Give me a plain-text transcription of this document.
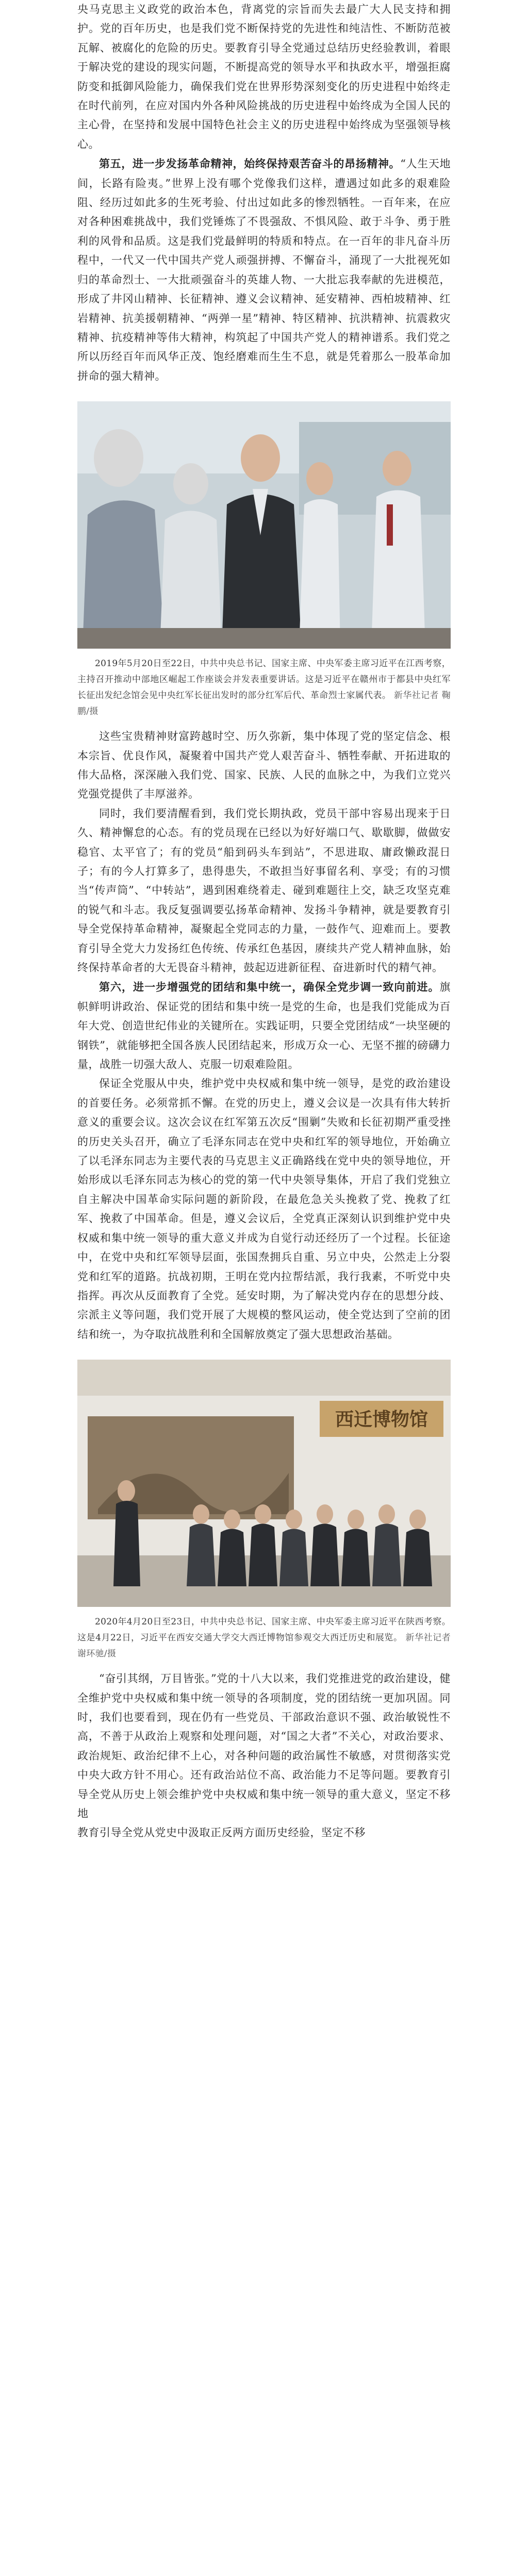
央马克思主义政党的政治本色，背离党的宗旨而失去最广大人民支持和拥护。党的百年历史，也是我们党不断保持党的先进性和纯洁性、不断防范被瓦解、被腐化的危险的历史。要教育引导全党通过总结历史经验教训，着眼于解决党的建设的现实问题，不断提高党的领导水平和执政水平，增强拒腐防变和抵御风险能力，确保我们党在世界形势深刻变化的历史进程中始终走在时代前列，在应对国内外各种风险挑战的历史进程中始终成为全国人民的主心骨，在坚持和发展中国特色社会主义的历史进程中始终成为坚强领导核心。

第五，进一步发扬革命精神，始终保持艰苦奋斗的昂扬精神。“人生天地间，长路有险夷。”世界上没有哪个党像我们这样，遭遇过如此多的艰难险阻、经历过如此多的生死考验、付出过如此多的惨烈牺牲。一百年来，在应对各种困难挑战中，我们党锤炼了不畏强敌、不惧风险、敢于斗争、勇于胜利的风骨和品质。这是我们党最鲜明的特质和特点。在一百年的非凡奋斗历程中，一代又一代中国共产党人顽强拼搏、不懈奋斗，涌现了一大批视死如归的革命烈士、一大批顽强奋斗的英雄人物、一大批忘我奉献的先进模范，形成了井冈山精神、长征精神、遵义会议精神、延安精神、西柏坡精神、红岩精神、抗美援朝精神、“两弹一星”精神、特区精神、抗洪精神、抗震救灾精神、抗疫精神等伟大精神，构筑起了中国共产党人的精神谱系。我们党之所以历经百年而风华正茂、饱经磨难而生生不息，就是凭着那么一股革命加拼命的强大精神。

2019年5月20日至22日，中共中央总书记、国家主席、中央军委主席习近平在江西考察，主持召开推动中部地区崛起工作座谈会并发表重要讲话。这是习近平在赣州市于都县中央红军长征出发纪念馆会见中央红军长征出发时的部分红军后代、革命烈士家属代表。 新华社记者 鞠鹏/摄

这些宝贵精神财富跨越时空、历久弥新，集中体现了党的坚定信念、根本宗旨、优良作风，凝聚着中国共产党人艰苦奋斗、牺牲奉献、开拓进取的伟大品格，深深融入我们党、国家、民族、人民的血脉之中，为我们立党兴党强党提供了丰厚滋养。

同时，我们要清醒看到，我们党长期执政，党员干部中容易出现来于日久、精神懈怠的心态。有的党员现在已经以为好好端口气、歇歇脚，做做安稳官、太平官了；有的党员“船到码头车到站”，不思进取、庸政懒政混日子；有的今人打算多了，患得患失，不敢担当好事留名利、享受；有的习惯当“传声筒”、“中转站”，遇到困难绕着走、碰到难题往上交，缺乏攻坚克难的锐气和斗志。我反复强调要弘扬革命精神、发扬斗争精神，就是要教育引导全党保持革命精神，凝聚起全党同志的力量，一鼓作气、迎难而上。要教育引导全党大力发扬红色传统、传承红色基因，赓续共产党人精神血脉，始终保持革命者的大无畏奋斗精神，鼓起迈进新征程、奋进新时代的精气神。

第六，进一步增强党的团结和集中统一，确保全党步调一致向前进。旗帜鲜明讲政治、保证党的团结和集中统一是党的生命，也是我们党能成为百年大党、创造世纪伟业的关键所在。实践证明，只要全党团结成“一块坚硬的钢铁”，就能够把全国各族人民团结起来，形成万众一心、无坚不摧的磅礴力量，战胜一切强大敌人、克服一切艰难险阻。

保证全党服从中央，维护党中央权威和集中统一领导，是党的政治建设的首要任务。必须常抓不懈。在党的历史上，遵义会议是一次具有伟大转折意义的重要会议。这次会议在红军第五次反“围剿”失败和长征初期严重受挫的历史关头召开，确立了毛泽东同志在党中央和红军的领导地位，开始确立了以毛泽东同志为主要代表的马克思主义正确路线在党中央的领导地位，开始形成以毛泽东同志为核心的党的第一代中央领导集体，开启了我们党独立自主解决中国革命实际问题的新阶段，在最危急关头挽救了党、挽救了红军、挽救了中国革命。但是，遵义会议后，全党真正深刻认识到维护党中央权威和集中统一领导的重大意义并成为自觉行动还经历了一个过程。长征途中，在党中央和红军领导层面，张国焘拥兵自重、另立中央，公然走上分裂党和红军的道路。抗战初期，王明在党内拉帮结派，我行我素，不听党中央指挥。再次从反面教育了全党。延安时期，为了解决党内存在的思想分歧、宗派主义等问题，我们党开展了大规模的整风运动，使全党达到了空前的团结和统一，为夺取抗战胜利和全国解放奠定了强大思想政治基础。

西迁博物馆

2020年4月20日至23日，中共中央总书记、国家主席、中央军委主席习近平在陕西考察。这是4月22日，习近平在西安交通大学交大西迁博物馆参观交大西迁历史和展览。 新华社记者 谢环驰/摄

“奋引其纲，万目皆张。”党的十八大以来，我们党推进党的政治建设，健全维护党中央权威和集中统一领导的各项制度，党的团结统一更加巩固。同时，我们也要看到，现在仍有一些党员、干部政治意识不强、政治敏锐性不高，不善于从政治上观察和处理问题，对“国之大者”不关心，对政治要求、政治规矩、政治纪律不上心，对各种问题的政治属性不敏感，对贯彻落实党中央大政方针不用心。还有政治站位不高、政治能力不足等问题。要教育引导全党从历史上领会维护党中央权威和集中统一领导的重大意义，坚定不移地

教育引导全党从党史中汲取正反两方面历史经验，坚定不移
